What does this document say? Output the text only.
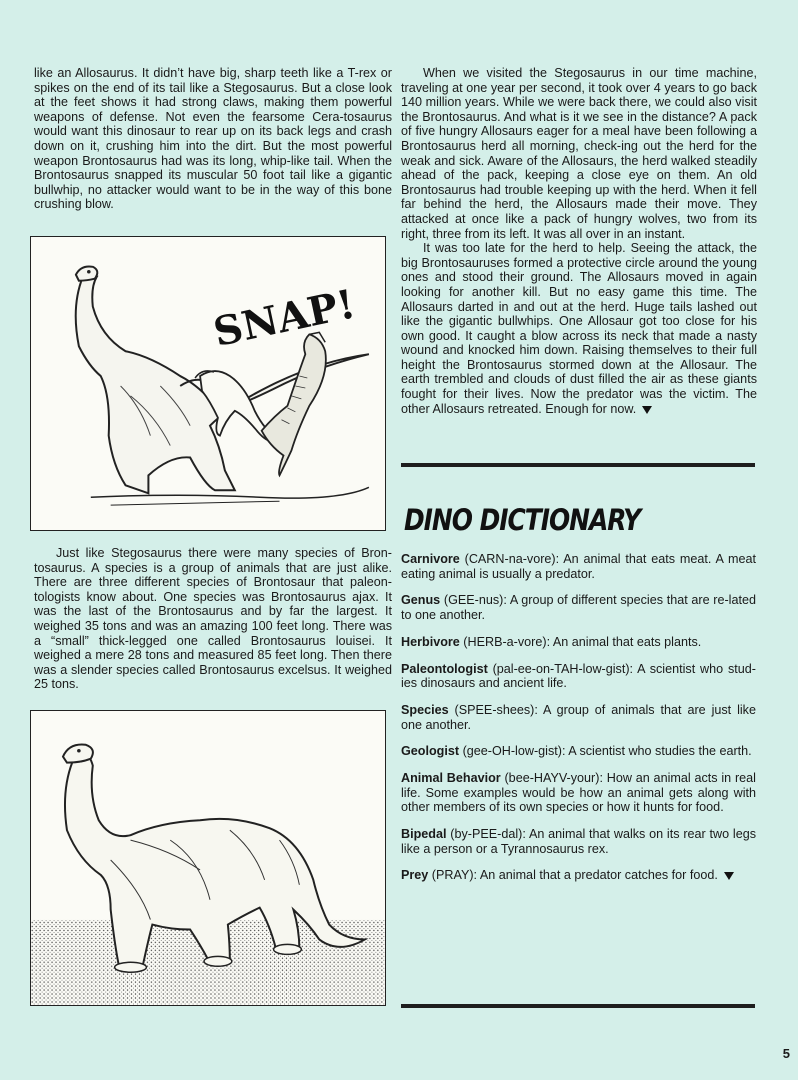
like an Allosaurus. It didn’t have big, sharp teeth like a T-rex or spikes on the end of its tail like a Stegosaurus. But a close look at the feet shows it had strong claws, making them powerful weapons of defense. Not even the fearsome Cera-tosaurus would want this dinosaur to rear up on its back legs and crash down on it, crushing him into the dirt. But the most powerful weapon Brontosaurus had was its long, whip-like tail. When the Brontosaurus snapped its muscular 50 foot tail like a gigantic bullwhip, no attacker would want to be in the way of this bone crushing blow.

SNAP!

Just like Stegosaurus there were many species of Bron-tosaurus. A species is a group of animals that are just alike. There are three different species of Brontosaur that paleon-tologists know about. One species was Brontosaurus ajax. It was the last of the Brontosaurus and by far the largest. It weighed 35 tons and was an amazing 100 feet long. There was a “small” thick-legged one called Brontosaurus louisei. It weighed a mere 28 tons and measured 85 feet long. Then there was a slender species called Brontosaurus excelsus. It weighed 25 tons.

When we visited the Stegosaurus in our time machine, traveling at one year per second, it took over 4 years to go back 140 million years. While we were back there, we could also visit the Brontosaurus. And what is it we see in the distance? A pack of five hungry Allosaurs eager for a meal have been following a Brontosaurus herd all morning, check-ing out the herd for the weak and sick. Aware of the Allosaurs, the herd walked steadily ahead of the pack, keeping a close eye on them. An old Brontosaurus had trouble keeping up with the herd. When it fell far behind the herd, the Allosaurs made their move. They attacked at once like a pack of hungry wolves, two from its right, three from its left. It was all over in an instant.

It was too late for the herd to help. Seeing the attack, the big Brontosauruses formed a protective circle around the young ones and stood their ground. The Allosaurs moved in again looking for another kill. But no easy game this time. The Allosaurs darted in and out at the herd. Huge tails lashed out like the gigantic bullwhips. One Allosaur got too close for his own good. It caught a blow across its neck that made a nasty wound and knocked him down. Raising themselves to their full height the Brontosaurus stormed down at the Allosaur. The earth trembled and clouds of dust filled the air as these giants fought for their lives. Now the predator was the victim. The other Allosaurs retreated. Enough for now.

DINO DICTIONARY
Carnivore (CARN-na-vore): An animal that eats meat. A meat eating animal is usually a predator.
Genus (GEE-nus): A group of different species that are re-lated to one another.
Herbivore (HERB-a-vore): An animal that eats plants.
Paleontologist (pal-ee-on-TAH-low-gist): A scientist who stud-ies dinosaurs and ancient life.
Species (SPEE-shees): A group of animals that are just like one another.
Geologist (gee-OH-low-gist): A scientist who studies the earth.
Animal Behavior (bee-HAYV-your): How an animal acts in real life. Some examples would be how an animal gets along with other members of its own species or how it hunts for food.
Bipedal (by-PEE-dal): An animal that walks on its rear two legs like a person or a Tyrannosaurus rex.
Prey (PRAY): An animal that a predator catches for food.
5
